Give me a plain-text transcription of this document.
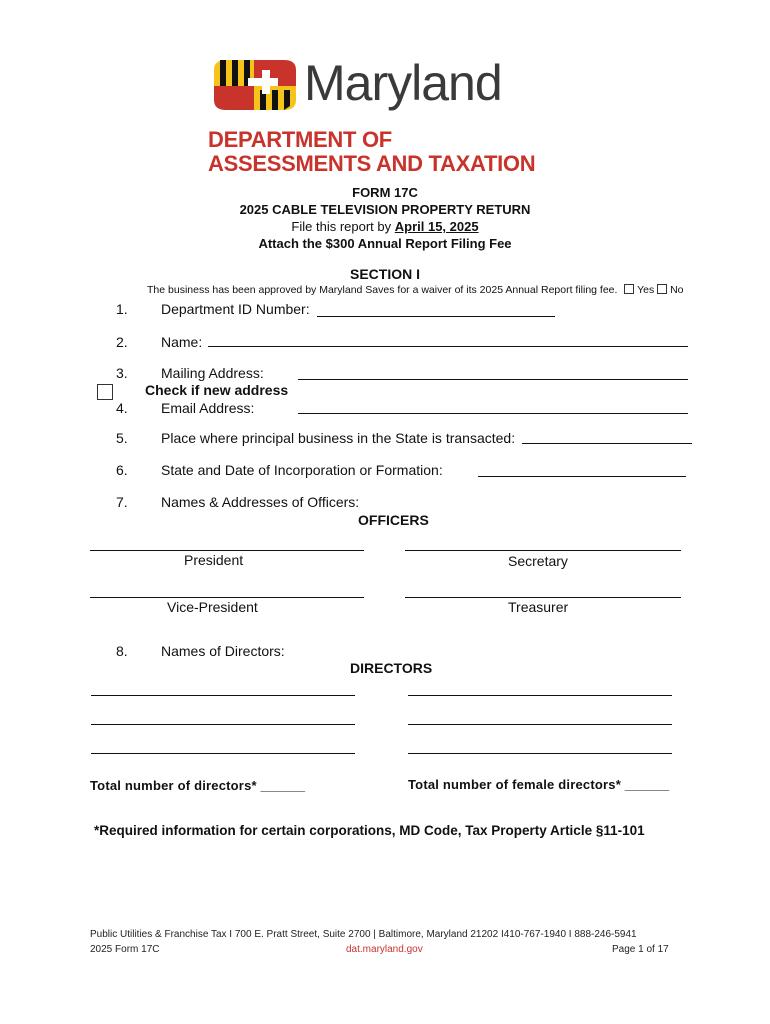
Maryland
DEPARTMENT OF
ASSESSMENTS AND TAXATION
FORM 17C
2025 CABLE TELEVISION PROPERTY RETURN
File this report by April 15, 2025
Attach the $300 Annual Report Filing Fee
SECTION I
The business has been approved by Maryland Saves for a waiver of its 2025 Annual Report filing fee. Yes No
1. Department ID Number:
2. Name:
3. Mailing Address:
Check if new address
4. Email Address:
5. Place where principal business in the State is transacted:
6. State and Date of Incorporation or Formation:
7. Names & Addresses of Officers:
OFFICERS
President	Secretary
Vice-President	Treasurer
8. Names of Directors:
DIRECTORS
Total number of directors* ______	Total number of female directors* ______
*Required information for certain corporations, MD Code, Tax Property Article §11-101
Public Utilities & Franchise Tax I 700 E. Pratt Street, Suite 2700 | Baltimore, Maryland 21202 I410-767-1940 I 888-246-5941
2025 Form 17C	dat.maryland.gov	Page 1 of 17
